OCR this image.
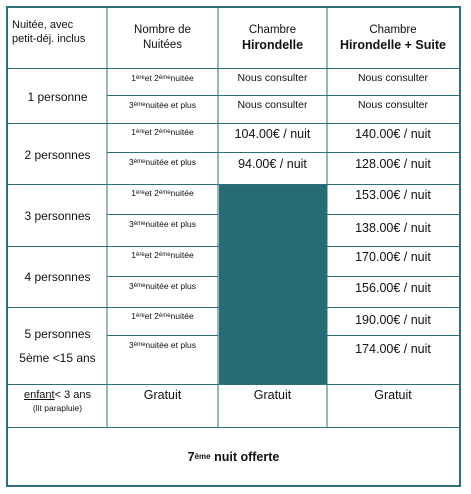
Nuitée, avec
petit-déj. inclus
Nombre de
Nuitées
Chambre
Hirondelle
Chambre
Hirondelle + Suite
1 personne
1 ère et 2 ème nuitée
3 ème nuitée et plus
Nous consulter
Nous consulter
Nous consulter
Nous consulter
2 personnes
1 ère et 2 ème nuitée
3 ème nuitée et plus
104.00€ / nuit
94.00€ / nuit
140.00€ / nuit
128.00€ / nuit
3 personnes
1 ère et 2 ème nuitée
3 ème nuitée et plus
153.00€ / nuit
138.00€ / nuit
4 personnes
1 ère et 2 ème nuitée
3 ème nuitée et plus
170.00€ / nuit
156.00€ / nuit
5 personnes
5ème <15 ans
1 ère et 2 ème nuitée
3 ème nuitée et plus
190.00€ / nuit
174.00€ / nuit
enfant< 3 ans
(lit parapluie)
Gratuit	Gratuit	Gratuit
7 ème nuit offerte
